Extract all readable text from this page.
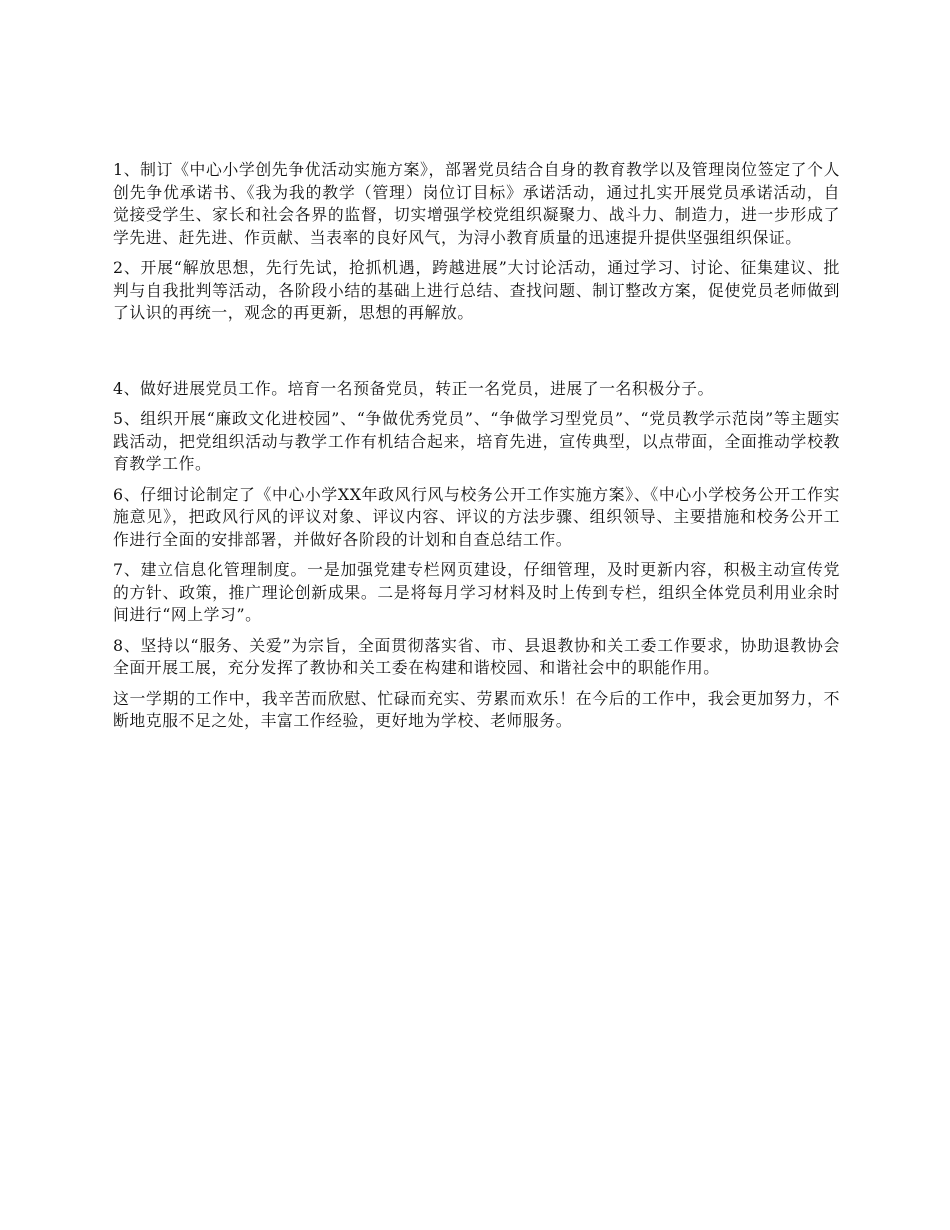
1、制订《中心小学创先争优活动实施方案》，部署党员结合自身的教育教学以及管理岗位签定了个人创先争优承诺书、《我为我的教学（管理）岗位订目标》承诺活动，通过扎实开展党员承诺活动，自觉接受学生、家长和社会各界的监督，切实增强学校党组织凝聚力、战斗力、制造力，进一步形成了学先进、赶先进、作贡献、当表率的良好风气，为浔小教育质量的迅速提升提供坚强组织保证。

2、开展“解放思想，先行先试，抢抓机遇，跨越进展”大讨论活动，通过学习、讨论、征集建议、批判与自我批判等活动，各阶段小结的基础上进行总结、查找问题、制订整改方案，促使党员老师做到了认识的再统一，观念的再更新，思想的再解放。

4、做好进展党员工作。培育一名预备党员，转正一名党员，进展了一名积极分子。

5、组织开展“廉政文化进校园”、“争做优秀党员”、“争做学习型党员”、“党员教学示范岗”等主题实践活动，把党组织活动与教学工作有机结合起来，培育先进，宣传典型，以点带面，全面推动学校教育教学工作。

6、仔细讨论制定了《中心小学XX年政风行风与校务公开工作实施方案》、《中心小学校务公开工作实施意见》，把政风行风的评议对象、评议内容、评议的方法步骤、组织领导、主要措施和校务公开工作进行全面的安排部署，并做好各阶段的计划和自查总结工作。

7、建立信息化管理制度。一是加强党建专栏网页建设，仔细管理，及时更新内容，积极主动宣传党的方针、政策，推广理论创新成果。二是将每月学习材料及时上传到专栏，组织全体党员利用业余时间进行“网上学习”。

8、坚持以“服务、关爱”为宗旨，全面贯彻落实省、市、县退教协和关工委工作要求，协助退教协会全面开展工展，充分发挥了教协和关工委在构建和谐校园、和谐社会中的职能作用。

这一学期的工作中，我辛苦而欣慰、忙碌而充实、劳累而欢乐！在今后的工作中，我会更加努力，不断地克服不足之处，丰富工作经验，更好地为学校、老师服务。
